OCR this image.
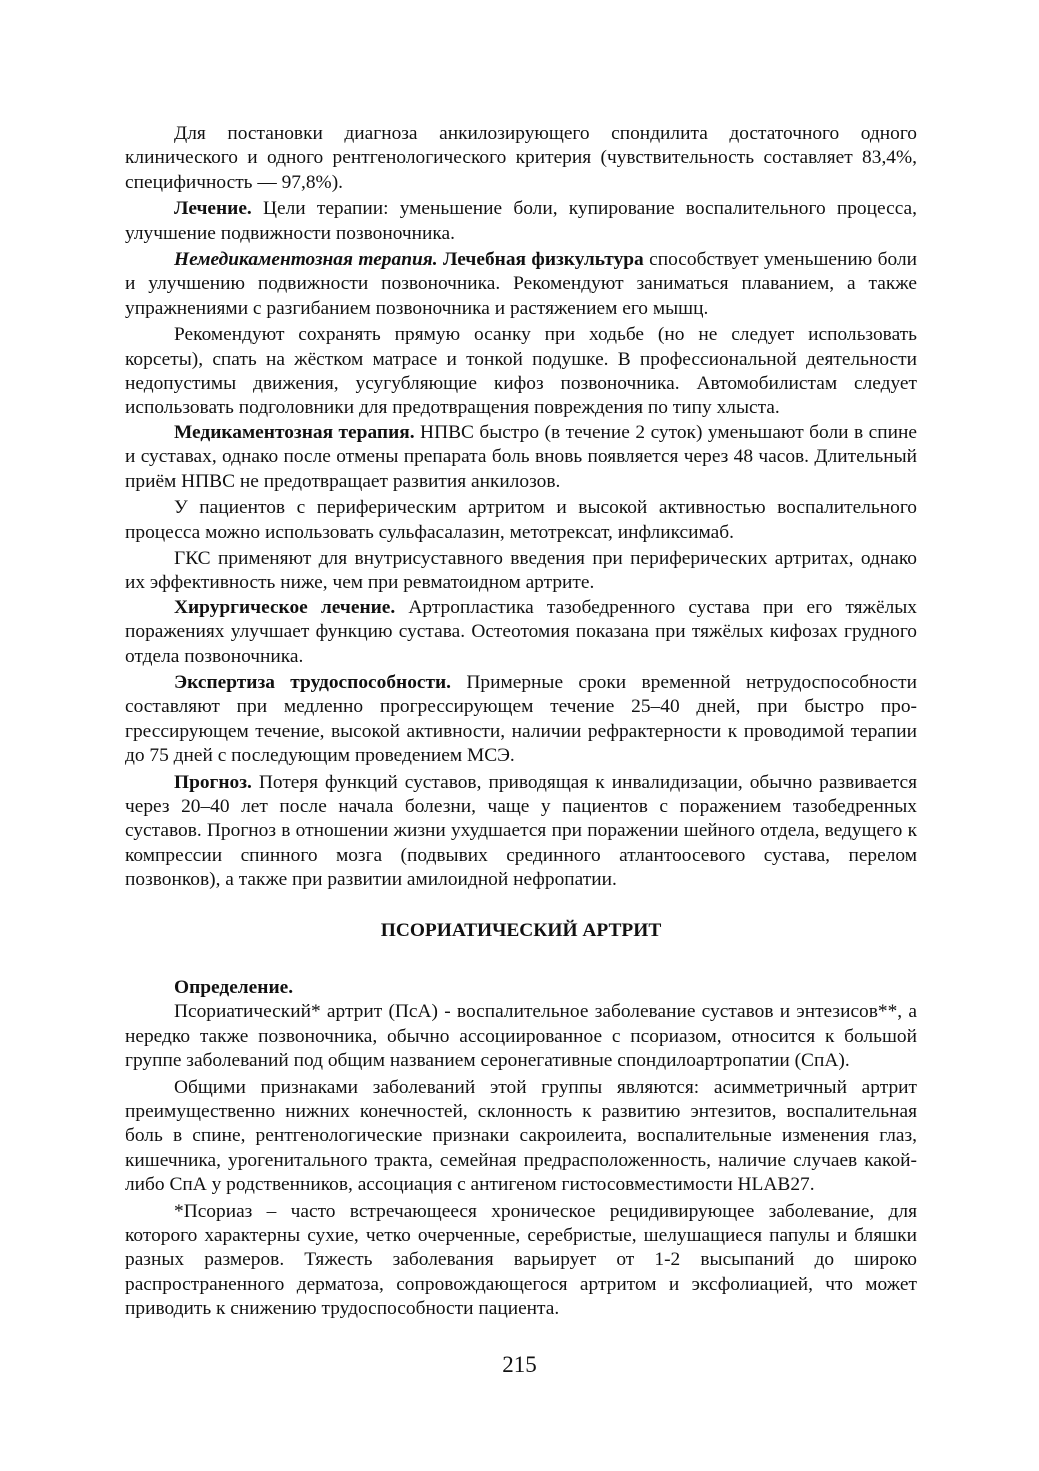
Для постановки диагноза анкилозирующего спондилита достаточного одного клинического и одного рентгенологического критерия (чувствительность составляет 83,4%, специфичность — 97,8%).

Лечение. Цели терапии: уменьшение боли, купирование воспалительного процесса, улучшение подвижности позвоночника.

Немедикаментозная терапия. Лечебная физкультура способствует уменьшению боли и улучшению подвижности позвоночника. Рекомендуют заниматься плаванием, а также упражнениями с разгибанием позвоночника и растяжением его мышц.

Рекомендуют сохранять прямую осанку при ходьбе (но не следует использовать корсеты), спать на жёстком матрасе и тонкой подушке. В профессиональной деятельности недопустимы движения, усугубляющие кифоз позвоночника. Автомобилистам следует использовать подголовники для предотвращения повреждения по типу хлыста.

Медикаментозная терапия. НПВС быстро (в течение 2 суток) уменьшают боли в спине и суставах, однако после отмены препарата боль вновь появляется через 48 часов. Длительный приём НПВС не предотвращает развития анкилозов.

У пациентов с периферическим артритом и высокой активностью воспалительного процесса можно использовать сульфасалазин, метотрексат, инфликсимаб.

ГКС применяют для внутрисуставного введения при периферических артритах, однако их эффективность ниже, чем при ревматоидном артрите.

Хирургическое лечение. Артропластика тазобедренного сустава при его тяжёлых поражениях улучшает функцию сустава. Остеотомия показана при тяжёлых кифозах грудного отдела позвоночника.

Экспертиза трудоспособности. Примерные сроки временной нетрудоспособности составляют при медленно прогрессирующем течение 25–40 дней, при быстро прогрессирующем течение, высокой активности, наличии рефрактерности к проводимой терапии до 75 дней с последующим проведением МСЭ.

Прогноз. Потеря функций суставов, приводящая к инвалидизации, обычно развивается через 20–40 лет после начала болезни, чаще у пациентов с поражением тазобедренных суставов. Прогноз в отношении жизни ухудшается при поражении шейного отдела, ведущего к компрессии спинного мозга (подвывих срединного атлантоосевого сустава, перелом позвонков), а также при развитии амилоидной нефропатии.

ПСОРИАТИЧЕСКИЙ АРТРИТ
Определение.

Псориатический* артрит (ПсА) - воспалительное заболевание суставов и энтезисов**, а нередко также позвоночника, обычно ассоциированное с псориазом, относится к большой группе заболеваний под общим названием серонегативные спондилоартропатии (СпА).

Общими признаками заболеваний этой группы являются: асимметричный артрит преимущественно нижних конечностей, склонность к развитию энтезитов, воспалительная боль в спине, рентгенологические признаки сакроилеита, воспалительные изменения глаз, кишечника, урогенитального тракта, семейная предрасположенность, наличие случаев какой-либо СпА у родственников, ассоциация с антигеном гистосовместимости HLAB27.

*Псориаз – часто встречающееся хроническое рецидивирующее заболевание, для которого характерны сухие, четко очерченные, серебристые, шелушащиеся папулы и бляшки разных размеров. Тяжесть заболевания варьирует от 1-2 высыпаний до широко распространенного дерматоза, сопровождающегося артритом и эксфолиацией, что может приводить к снижению трудоспособности пациента.

215
